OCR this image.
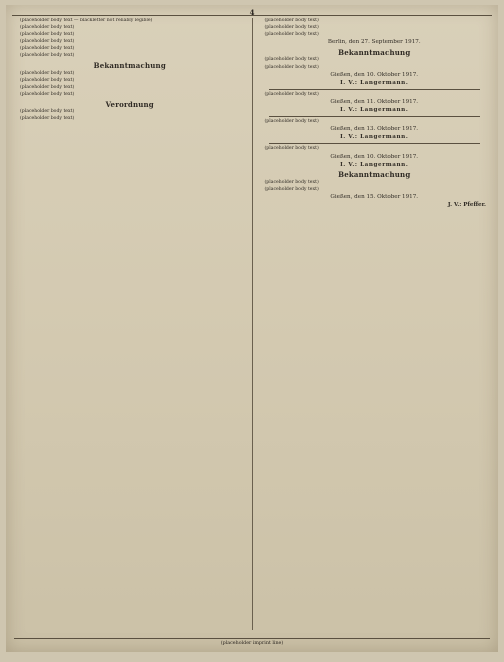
4
(placeholder body text — blackletter not reliably legible)
(placeholder body text)
(placeholder body text)
(placeholder body text)
(placeholder body text)
(placeholder body text)
Bekanntmachung
(placeholder body text)
(placeholder body text)
(placeholder body text)
(placeholder body text)
Verordnung
(placeholder body text)
(placeholder body text)
(placeholder body text)
(placeholder body text)
(placeholder body text)
Berlin, den 27. September 1917.
Bekanntmachung
(placeholder body text)
(placeholder body text)
Gießen, den 10. Oktober 1917.
I. V.: Langermann.
(placeholder body text)
Gießen, den 11. Oktober 1917.
I. V.: Langermann.
(placeholder body text)
Gießen, den 13. Oktober 1917.
I. V.: Langermann.
(placeholder body text)
Gießen, den 10. Oktober 1917.
I. V.: Langermann.
Bekanntmachung
(placeholder body text)
(placeholder body text)
Gießen, den 15. Oktober 1917.
J. V.: Pfeffer.
(placeholder imprint line)
